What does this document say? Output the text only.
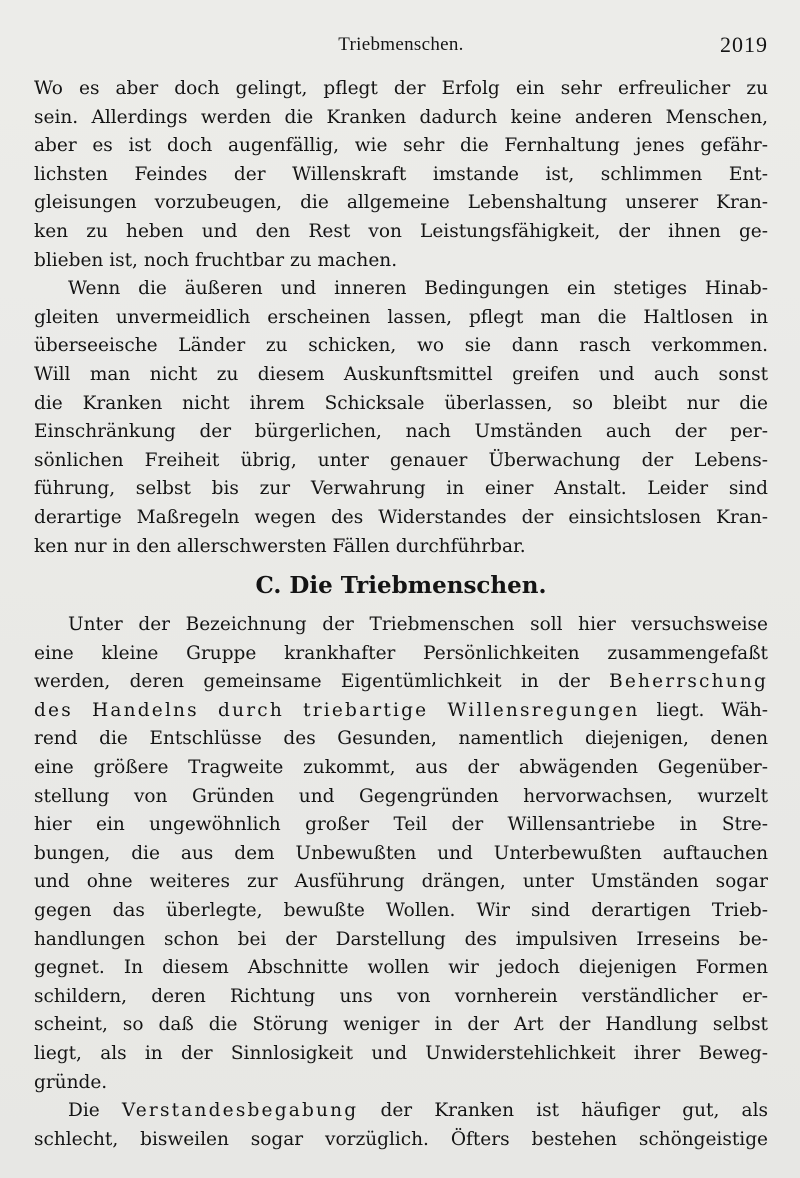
Triebmenschen.	2019
Wo es aber doch gelingt, pflegt der Erfolg ein sehr erfreulicher zu
sein. Allerdings werden die Kranken dadurch keine anderen Menschen,
aber es ist doch augenfällig, wie sehr die Fernhaltung jenes gefähr-
lichsten Feindes der Willenskraft imstande ist, schlimmen Ent-
gleisungen vorzubeugen, die allgemeine Lebenshaltung unserer Kran-
ken zu heben und den Rest von Leistungsfähigkeit, der ihnen ge-
blieben ist, noch fruchtbar zu machen.
Wenn die äußeren und inneren Bedingungen ein stetiges Hinab-
gleiten unvermeidlich erscheinen lassen, pflegt man die Haltlosen in
überseeische Länder zu schicken, wo sie dann rasch verkommen.
Will man nicht zu diesem Auskunftsmittel greifen und auch sonst
die Kranken nicht ihrem Schicksale überlassen, so bleibt nur die
Einschränkung der bürgerlichen, nach Umständen auch der per-
sönlichen Freiheit übrig, unter genauer Überwachung der Lebens-
führung, selbst bis zur Verwahrung in einer Anstalt. Leider sind
derartige Maßregeln wegen des Widerstandes der einsichtslosen Kran-
ken nur in den allerschwersten Fällen durchführbar.
C. Die Triebmenschen.
Unter der Bezeichnung der Triebmenschen soll hier versuchsweise
eine kleine Gruppe krankhafter Persönlichkeiten zusammengefaßt
werden, deren gemeinsame Eigentümlichkeit in der Beherrschung
des Handelns durch triebartige Willensregungen liegt. Wäh-
rend die Entschlüsse des Gesunden, namentlich diejenigen, denen
eine größere Tragweite zukommt, aus der abwägenden Gegenüber-
stellung von Gründen und Gegengründen hervorwachsen, wurzelt
hier ein ungewöhnlich großer Teil der Willensantriebe in Stre-
bungen, die aus dem Unbewußten und Unterbewußten auftauchen
und ohne weiteres zur Ausführung drängen, unter Umständen sogar
gegen das überlegte, bewußte Wollen. Wir sind derartigen Trieb-
handlungen schon bei der Darstellung des impulsiven Irreseins be-
gegnet. In diesem Abschnitte wollen wir jedoch diejenigen Formen
schildern, deren Richtung uns von vornherein verständlicher er-
scheint, so daß die Störung weniger in der Art der Handlung selbst
liegt, als in der Sinnlosigkeit und Unwiderstehlichkeit ihrer Beweg-
gründe.
Die Verstandesbegabung der Kranken ist häufiger gut, als
schlecht, bisweilen sogar vorzüglich. Öfters bestehen schöngeistige
